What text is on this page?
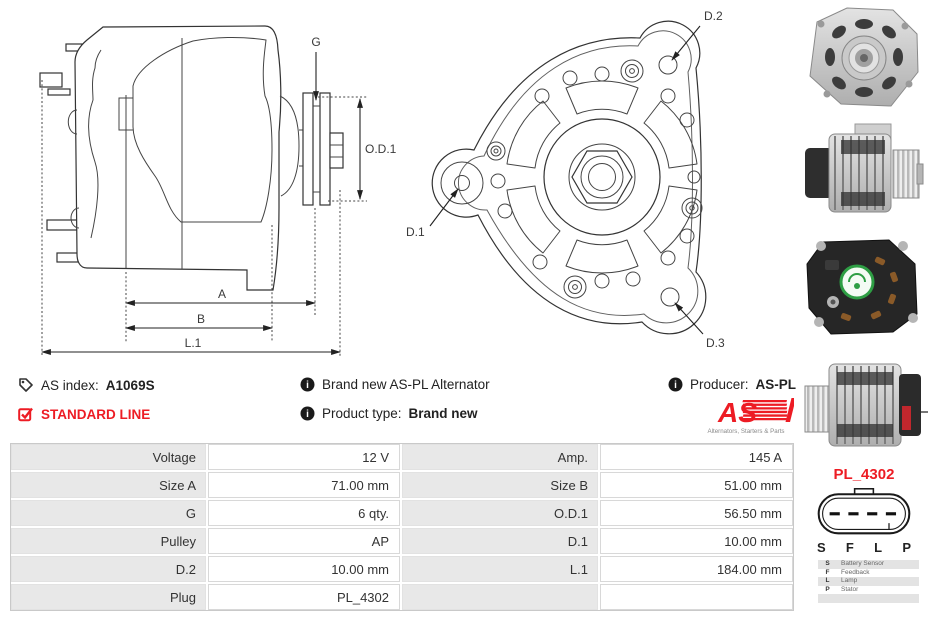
G
O.D.1
A
B
L.1
D.2
D.1
D.3
AS index: A1069S
STANDARD LINE
i Brand new AS-PL Alternator
i Product type: Brand new
i Producer: AS-PL
AS
Alternators, Starters & Parts
Voltage	12 V	Amp.	145 A
Size A	71.00 mm	Size B	51.00 mm
G	6 qty.	O.D.1	56.50 mm
Pulley	AP	D.1	10.00 mm
D.2	10.00 mm	L.1	184.00 mm
Plug	PL_4302
PL_4302
S F L P
S	Battery Sensor
F	Feedback
L	Lamp
P	Stator
